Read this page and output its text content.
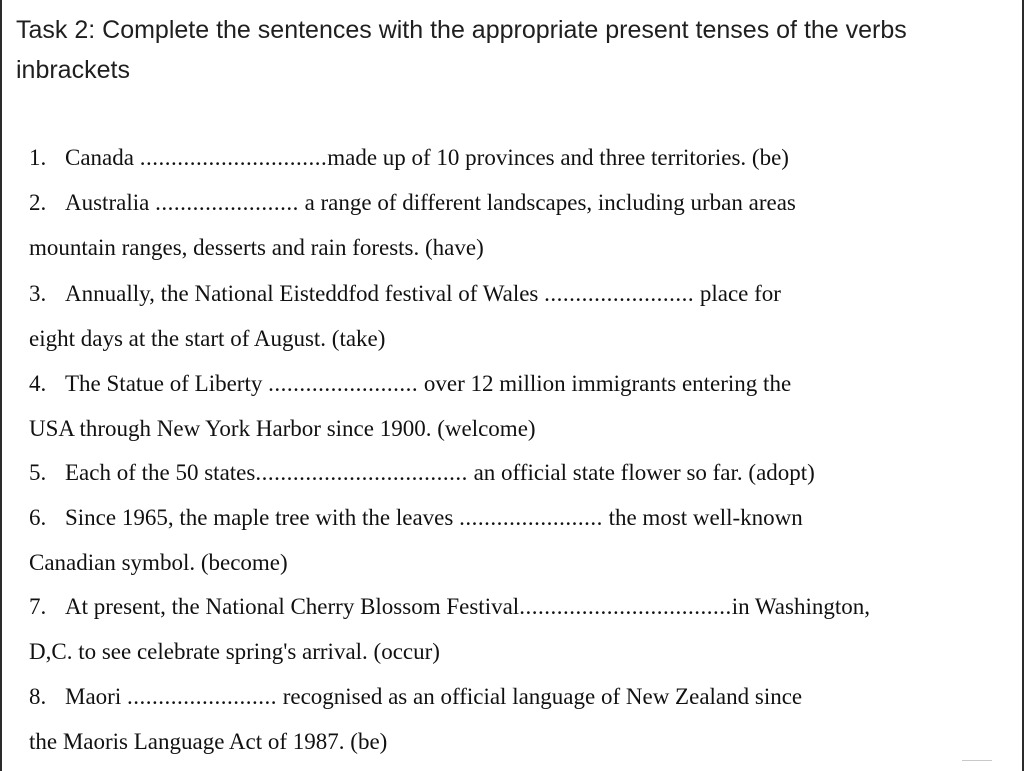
Task 2: Complete the sentences with the appropriate present tenses of the verbs
inbrackets
1. Canada ..............................made up of 10 provinces and three territories. (be)
2. Australia ....................... a range of different landscapes, including urban areas
mountain ranges, desserts and rain forests. (have)
3. Annually, the National Eisteddfod festival of Wales ........................ place for
eight days at the start of August. (take)
4. The Statue of Liberty ........................ over 12 million immigrants entering the
USA through New York Harbor since 1900. (welcome)
5. Each of the 50 states.................................. an official state flower so far. (adopt)
6. Since 1965, the maple tree with the leaves ....................... the most well-known
Canadian symbol. (become)
7. At present, the National Cherry Blossom Festival..................................in Washington,
D,C. to see celebrate spring's arrival. (occur)
8. Maori ........................ recognised as an official language of New Zealand since
the Maoris Language Act of 1987. (be)
